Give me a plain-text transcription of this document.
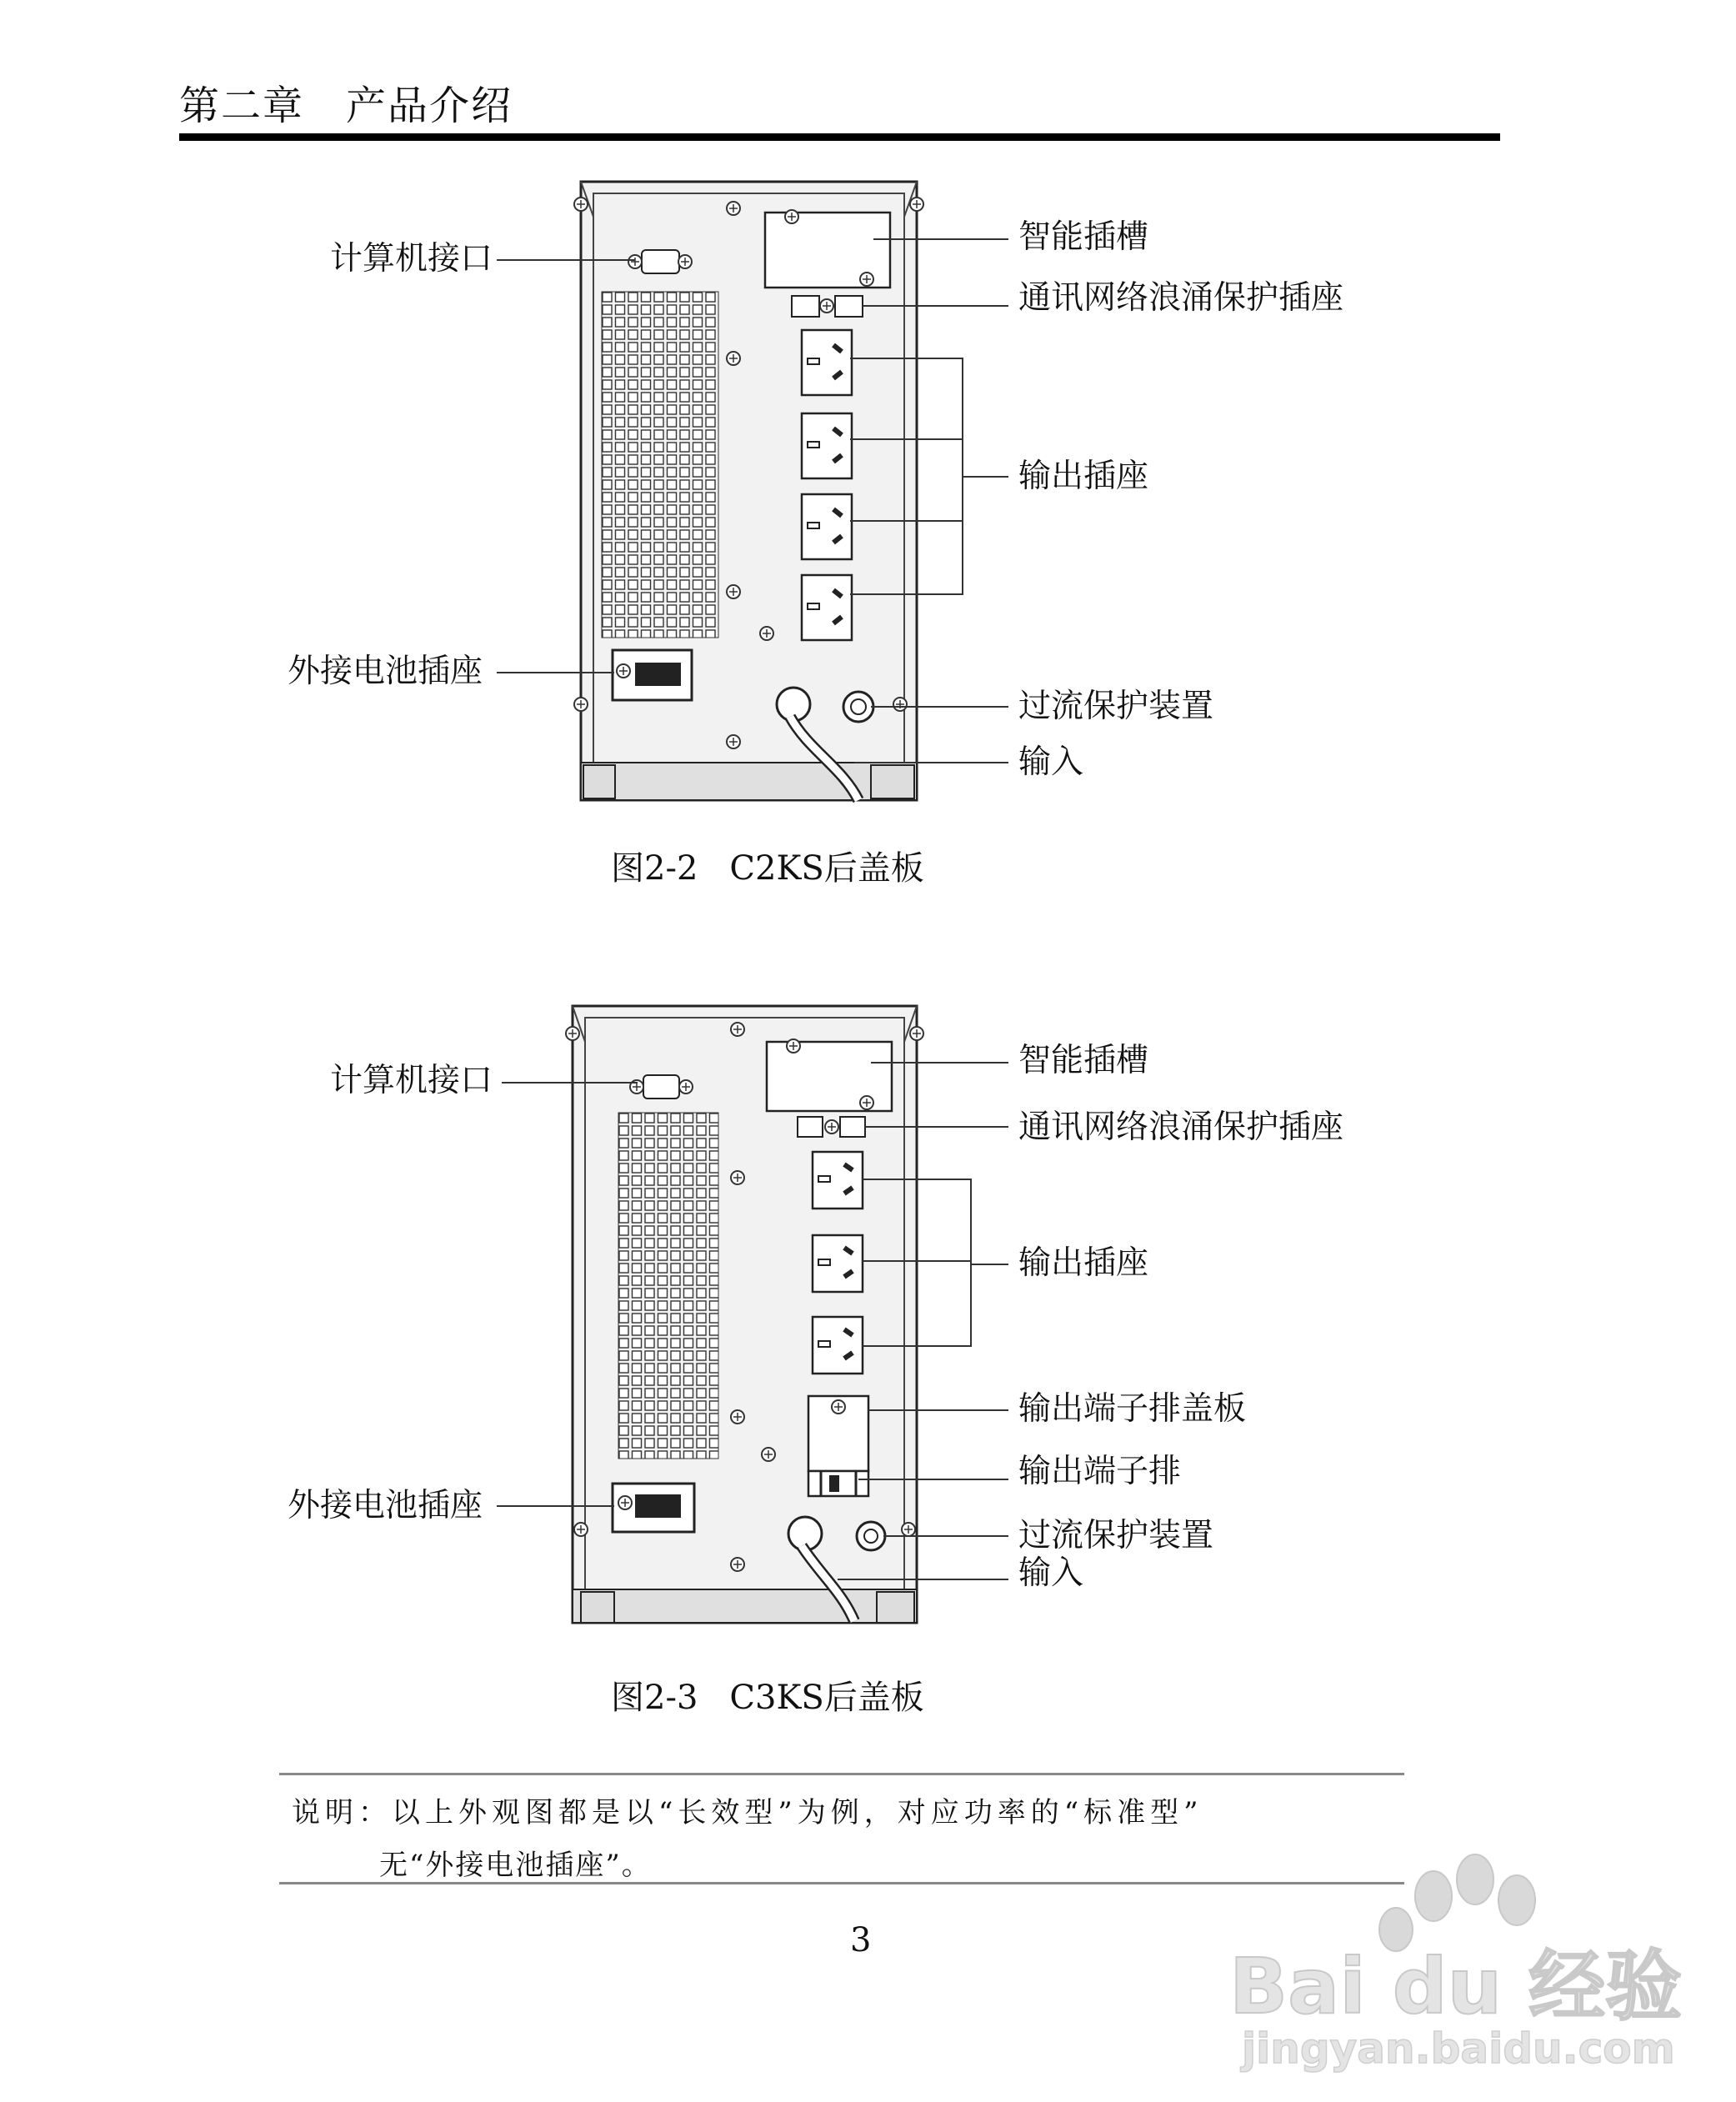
第二章 产品介绍
计算机接口
智能插槽
通讯网络浪涌保护插座
输出插座
外接电池插座
过流保护装置
输入
图2-2 C2KS后盖板
计算机接口
智能插槽
通讯网络浪涌保护插座
输出插座
输出端子排盖板
输出端子排
外接电池插座
过流保护装置
输入
图2-3 C3KS后盖板
说明：以上外观图都是以“长效型”为例，对应功率的“标准型”
无“外接电池插座”。
3
Bai du 经验
jingyan.baidu.com
